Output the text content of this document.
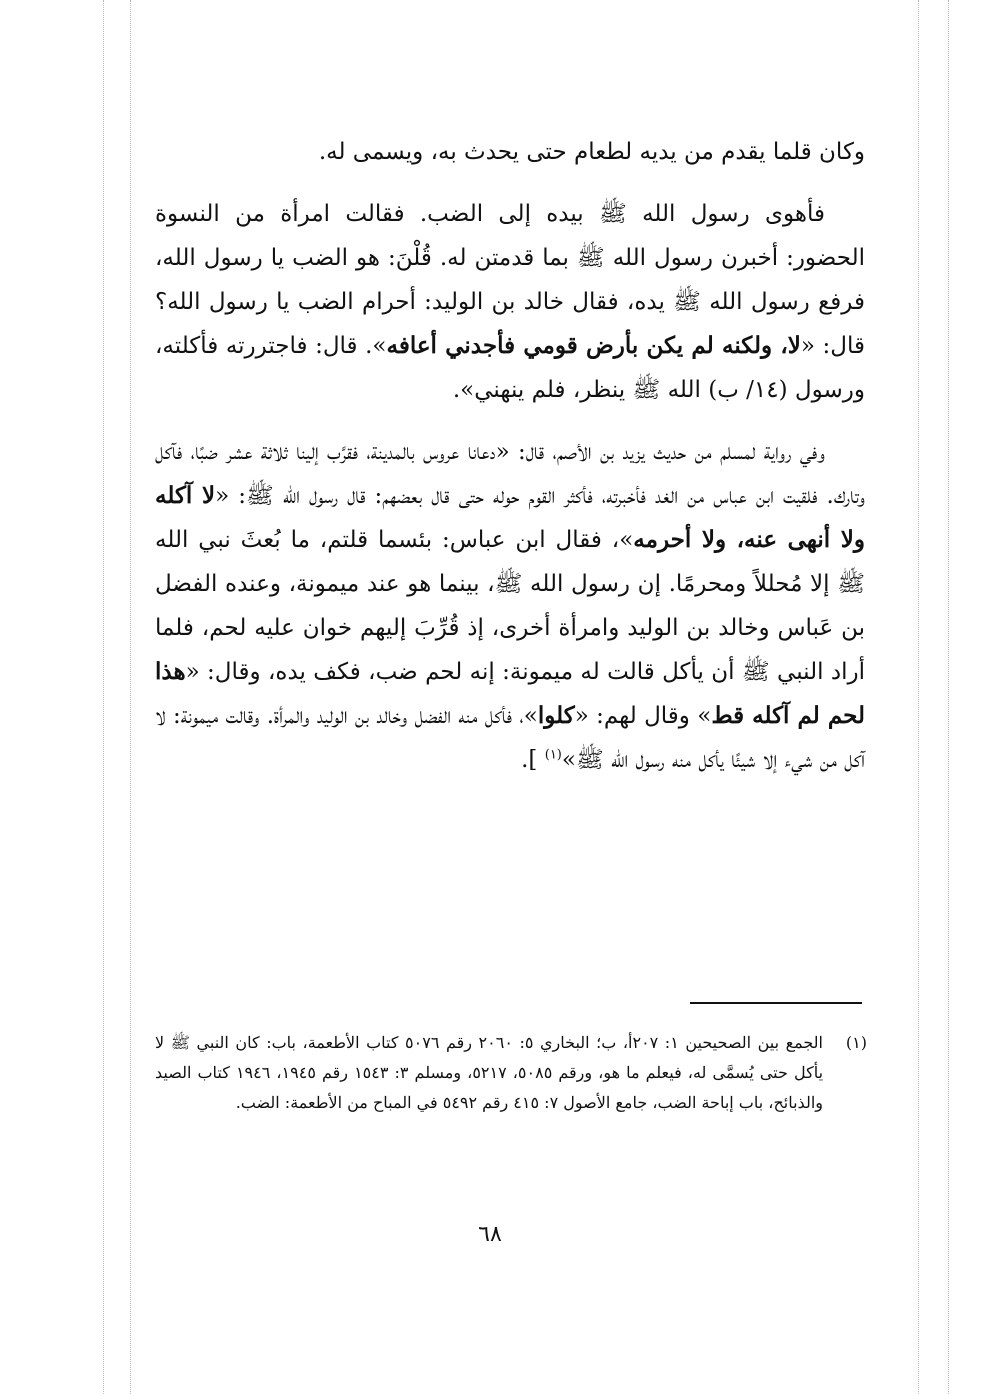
وكان قلما يقدم من يديه لطعام حتى يحدث به، ويسمى له.

فأهوى رسول الله ﷺ بيده إلى الضب. فقالت امرأة من النسوة الحضور: أخبرن رسول الله ﷺ بما قدمتن له. قُلْنَ: هو الضب يا رسول الله، فرفع رسول الله ﷺ يده، فقال خالد بن الوليد: أحرام الضب يا رسول الله؟ قال: «لا، ولكنه لم يكن بأرض قومي فأجدني أعافه». قال: فاجتررته فأكلته، ورسول (١٤/ ب) الله ﷺ ينظر، فلم ينهني».

وفي رواية لمسلم من حديث يزيد بن الأصم، قال: «دعانا عروس بالمدينة، فقرَّب إلينا ثلاثة عشر ضبًا، فآكل وتارك. فلقيت ابن عباس من الغد فأخبرته، فأكثر القوم حوله حتى قال بعضهم: قال رسول الله ﷺ: «لا آكله ولا أنهى عنه، ولا أحرمه»، فقال ابن عباس: بئسما قلتم، ما بُعثَ نبي الله ﷺ إلا مُحللاً ومحرمًا. إن رسول الله ﷺ، بينما هو عند ميمونة، وعنده الفضل بن عَباس وخالد بن الوليد وامرأة أخرى، إذ قُرِّبَ إليهم خوان عليه لحم، فلما أراد النبي ﷺ أن يأكل قالت له ميمونة: إنه لحم ضب، فكف يده، وقال: «هذا لحم لم آكله قط» وقال لهم: «كلوا»، فأكل منه الفضل وخالد بن الوليد والمرأة. وقالت ميمونة: لا آكل من شيء إلا شيئًا يأكل منه رسول الله ﷺ»$^{(١)}$ ].

(١)
الجمع بين الصحيحين ١: ٢٠٧أ، ب؛ البخاري ٥: ٢٠٦٠ رقم ٥٠٧٦ كتاب الأطعمة، باب: كان النبي ﷺ لا يأكل حتى يُسمَّى له، فيعلم ما هو، ورقم ٥٠٨٥، ٥٢١٧، ومسلم ٣: ١٥٤٣ رقم ١٩٤٥، ١٩٤٦ كتاب الصيد والذبائح، باب إباحة الضب، جامع الأصول ٧: ٤١٥ رقم ٥٤٩٢ في المباح من الأطعمة: الضب.
٦٨
